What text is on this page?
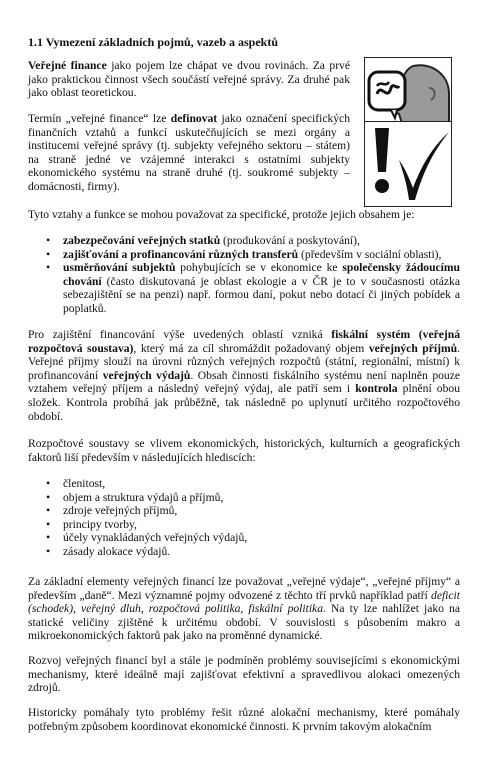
1.1 Vymezení základních pojmů, vazeb a aspektů

Veřejné finance jako pojem lze chápat ve dvou rovinách. Za prvé jako praktickou činnost všech součástí veřejné správy. Za druhé pak jako oblast teoretickou.

Termín „veřejné finance“ lze definovat jako označení specifických finančních vztahů a funkcí uskutečňujících se mezi orgány a institucemi veřejné správy (tj. subjekty veřejného sektoru – státem) na straně jedné ve vzájemné interakci s ostatními subjekty ekonomického systému na straně druhé (tj. soukromé subjekty – domácnosti, firmy).

Tyto vztahy a funkce se mohou považovat za specifické, protože jejich obsahem je:

• zabezpečování veřejných statků (produkování a poskytování),
• zajišťování a profinancování různých transferů (především v sociální oblasti),
• usměrňování subjektů pohybujících se v ekonomice ke společensky žádoucímu chování (často diskutovaná je oblast ekologie a v ČR je to v současnosti otázka sebezajištění se na penzi) např. formou daní, pokut nebo dotací či jiných pobídek a poplatků.

Pro zajištění financování výše uvedených oblastí vzniká fiskální systém (veřejná rozpočtová soustava), který má za cíl shromáždit požadovaný objem veřejných příjmů. Veřejné příjmy slouží na úrovni různých veřejných rozpočtů (státní, regionální, místní) k profinancování veřejných výdajů. Obsah činnosti fiskálního systému není naplněn pouze vztahem veřejný příjem a následný veřejný výdaj, ale patří sem i kontrola plnění obou složek. Kontrola probíhá jak průběžně, tak následně po uplynutí určitého rozpočtového období.

Rozpočtové soustavy se vlivem ekonomických, historických, kulturních a geografických faktorů liší především v následujících hlediscích:

• členitost,
• objem a struktura výdajů a příjmů,
• zdroje veřejných příjmů,
• principy tvorby,
• účely vynakládaných veřejných výdajů,
• zásady alokace výdajů.

Za základní elementy veřejných financí lze považovat „veřejné výdaje“, „veřejné příjmy“ a především „daně“. Mezi významné pojmy odvozené z těchto tří prvků například patří deficit (schodek), veřejný dluh, rozpočtová politika, fiskální politika. Na ty lze nahlížet jako na statické veličiny zjištěné k určitému období. V souvislosti s působením makro a mikroekonomických faktorů pak jako na proměnné dynamické.

Rozvoj veřejných financí byl a stále je podmíněn problémy souvisejícími s ekonomickými mechanismy, které ideálně mají zajišťovat efektivní a spravedlivou alokaci omezených zdrojů.

Historicky pomáhaly tyto problémy řešit různé alokační mechanismy, které pomáhaly potřebným způsobem koordinovat ekonomické činnosti. K prvním takovým alokačním
